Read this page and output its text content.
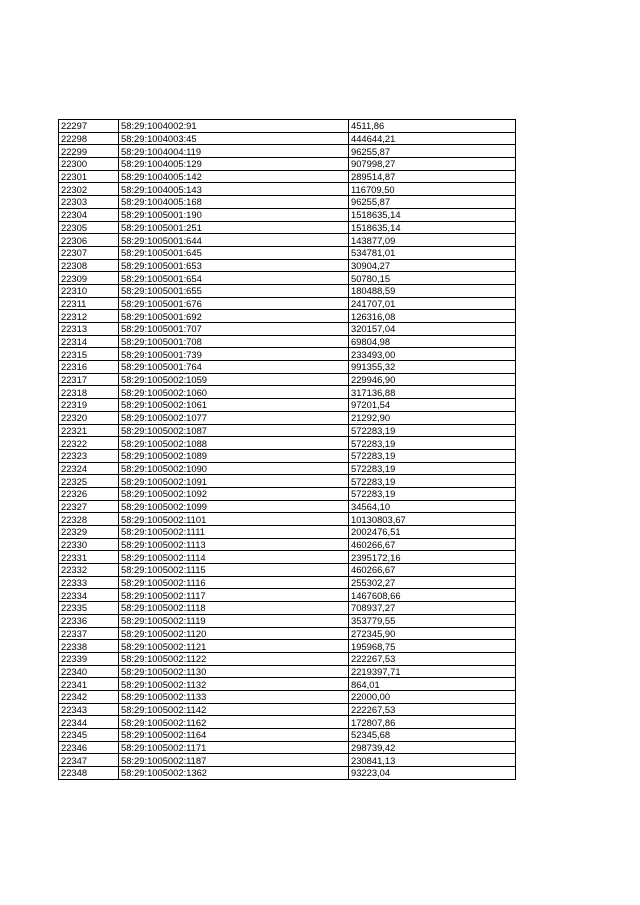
22297	58:29:1004002:91	4511,86
22298	58:29:1004003:45	444644,21
22299	58:29:1004004:119	96255,87
22300	58:29:1004005:129	907998,27
22301	58:29:1004005:142	289514,87
22302	58:29:1004005:143	116709,50
22303	58:29:1004005:168	96255,87
22304	58:29:1005001:190	1518635,14
22305	58:29:1005001:251	1518635,14
22306	58:29:1005001:644	143877,09
22307	58:29:1005001:645	534781,01
22308	58:29:1005001:653	30904,27
22309	58:29:1005001:654	50780,15
22310	58:29:1005001:655	180488,59
22311	58:29:1005001:676	241707,01
22312	58:29:1005001:692	126316,08
22313	58:29:1005001:707	320157,04
22314	58:29:1005001:708	69804,98
22315	58:29:1005001:739	233493,00
22316	58:29:1005001:764	991355,32
22317	58:29:1005002:1059	229946,90
22318	58:29:1005002:1060	317136,88
22319	58:29:1005002:1061	97201,54
22320	58:29:1005002:1077	21292,90
22321	58:29:1005002:1087	572283,19
22322	58:29:1005002:1088	572283,19
22323	58:29:1005002:1089	572283,19
22324	58:29:1005002:1090	572283,19
22325	58:29:1005002:1091	572283,19
22326	58:29:1005002:1092	572283,19
22327	58:29:1005002:1099	34564,10
22328	58:29:1005002:1101	10130803,67
22329	58:29:1005002:1111	2002476,51
22330	58:29:1005002:1113	460266,67
22331	58:29:1005002:1114	2395172,16
22332	58:29:1005002:1115	460266,67
22333	58:29:1005002:1116	255302,27
22334	58:29:1005002:1117	1467608,66
22335	58:29:1005002:1118	708937,27
22336	58:29:1005002:1119	353779,55
22337	58:29:1005002:1120	272345,90
22338	58:29:1005002:1121	195968,75
22339	58:29:1005002:1122	222267,53
22340	58:29:1005002:1130	2219397,71
22341	58:29:1005002:1132	864,01
22342	58:29:1005002:1133	22000,00
22343	58:29:1005002:1142	222267,53
22344	58:29:1005002:1162	172807,86
22345	58:29:1005002:1164	52345,68
22346	58:29:1005002:1171	298739,42
22347	58:29:1005002:1187	230841,13
22348	58:29:1005002:1362	93223,04
